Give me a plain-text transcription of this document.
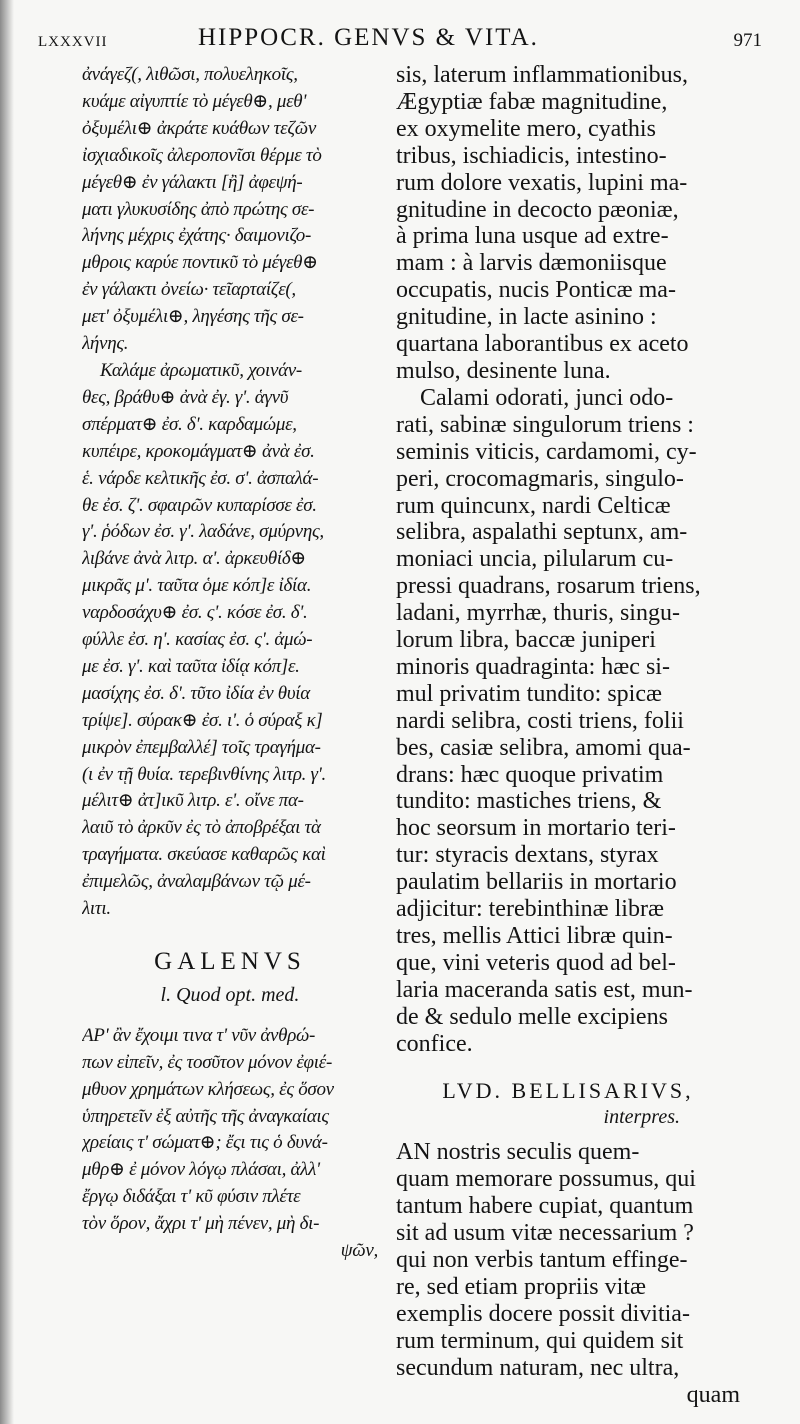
LXXXVII	HIPPOCR. GENVS & VITA.	971
ἀνάγεζ(, λιθῶσι, πολυεληκοῖς,
κυάμε αἰγυπτίε τὸ μέγεθ⊕, μεθ'
ὀξυμέλι⊕ ἀκράτε κυάθων τεζῶν
ἰσχιαδικοῖς ἀλεροπονῖσι θέρμε τὸ
μέγεθ⊕ ἐν γάλακτι [ἢ] ἀφεψή-
ματι γλυκυσίδης ἀπὸ πρώτης σε-
λήνης μέχρις ἐχάτης· δαιμονιζο-
μθροις καρύε ποντικῦ τὸ μέγεθ⊕
ἐν γάλακτι ὀνείω· τεῖαρταίζε(,
μετ' ὀξυμέλι⊕, ληγέσης τῆς σε-
λήνης.
Καλάμε ἀρωματικῦ, χοινάν-
θες, βράθυ⊕ ἀνὰ ἐγ. γ'. ἁγνῦ
σπέρματ⊕ ἐσ. δ'. καρδαμώμε,
κυπέιρε, κροκομάγματ⊕ ἀνὰ ἐσ.
ἑ. νάρδε κελτικῆς ἐσ. σ'. ἀσπαλά-
θε ἐσ. ζ'. σφαιρῶν κυπαρίσσε ἐσ.
γ'. ῥόδων ἐσ. γ'. λαδάνε, σμύρνης,
λιβάνε ἀνὰ λιτρ. α'. ἀρκευθίδ⊕
μικρᾶς μ'. ταῦτα ὁμε κόπ]ε ἰδία.
ναρδοσάχυ⊕ ἐσ. ς'. κόσε ἐσ. δ'.
φύλλε ἐσ. η'. κασίας ἐσ. ς'. ἀμώ-
με ἐσ. γ'. καὶ ταῦτα ἰδίᾳ κόπ]ε.
μασίχης ἐσ. δ'. τῦτο ἰδία ἐν θυία
τρίψε]. σύρακ⊕ ἐσ. ι'. ὁ σύραξ κ]
μικρὸν ἐπεμβαλλέ] τοῖς τραγήμα-
(ι ἐν τῇ θυία. τερεβινθίνης λιτρ. γ'.
μέλιτ⊕ ἀτ]ικῦ λιτρ. ε'. οἴνε πα-
λαιῦ τὸ ἀρκῦν ἐς τὸ ἀποβρέξαι τὰ
τραγήματα. σκεύασε καθαρῶς καὶ
ἐπιμελῶς, ἀναλαμβάνων τῷ μέ-
λιτι.
GALENVS
l. Quod opt. med.
ΑΡ' ἂν ἔχοιμι τινα τ' νῦν ἀνθρώ-
πων εἰπεῖν, ἐς τοσῦτον μόνον ἐφιέ-
μθυον χρημάτων κλήσεως, ἐς ὅσον
ὑπηρετεῖν ἐξ αὐτῆς τῆς ἀναγκαίαις
χρείαις τ' σώματ⊕; ἔςι τις ὁ δυνά-
μθρ⊕ ἐ μόνον λόγῳ πλάσαι, ἀλλ'
ἔργῳ διδάξαι τ' κῦ φύσιν πλέτε
τὸν ὅρον, ἄχρι τ' μὴ πένεν, μὴ δι-
ψῶν,
sis, laterum inflammationibus,
Ægyptiæ fabæ magnitudine,
ex oxymelite mero, cyathis
tribus, ischiadicis, intestino-
rum dolore vexatis, lupini ma-
gnitudine in decocto pæoniæ,
à prima luna usque ad extre-
mam : à larvis dæmoniisque
occupatis, nucis Ponticæ ma-
gnitudine, in lacte asinino :
quartana laborantibus ex aceto
mulso, desinente luna.
Calami odorati, junci odo-
rati, sabinæ singulorum triens :
seminis viticis, cardamomi, cy-
peri, crocomagmaris, singulo-
rum quincunx, nardi Celticæ
selibra, aspalathi septunx, am-
moniaci uncia, pilularum cu-
pressi quadrans, rosarum triens,
ladani, myrrhæ, thuris, singu-
lorum libra, baccæ juniperi
minoris quadraginta: hæc si-
mul privatim tundito: spicæ
nardi selibra, costi triens, folii
bes, casiæ selibra, amomi qua-
drans: hæc quoque privatim
tundito: mastiches triens, &
hoc seorsum in mortario teri-
tur: styracis dextans, styrax
paulatim bellariis in mortario
adjicitur: terebinthinæ libræ
tres, mellis Attici libræ quin-
que, vini veteris quod ad bel-
laria maceranda satis est, mun-
de & sedulo melle excipiens
confice.
LVD. BELLISARIVS,
interpres.
AN nostris seculis quem-
quam memorare possumus, qui
tantum habere cupiat, quantum
sit ad usum vitæ necessarium ?
qui non verbis tantum effinge-
re, sed etiam propriis vitæ
exemplis docere possit divitia-
rum terminum, qui quidem sit
secundum naturam, nec ultra,
quam
